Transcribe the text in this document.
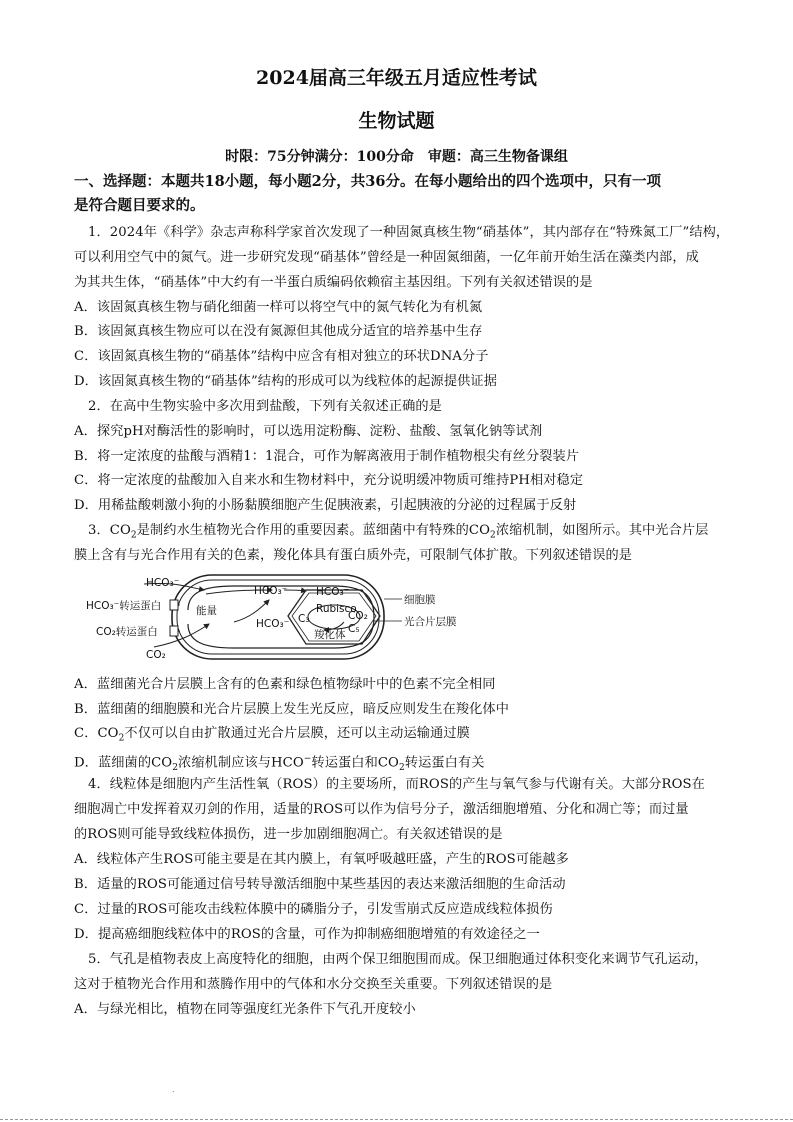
2024届高三年级五月适应性考试
生物试题
时限：75分钟满分：100分命　审题：高三生物备课组
一、选择题：本题共18小题，每小题2分，共36分。在每小题给出的四个选项中，只有一项
是符合题目要求的。
1．2024年《科学》杂志声称科学家首次发现了一种固氮真核生物“硝基体”，其内部存在“特殊氮工厂”结构，
可以利用空气中的氮气。进一步研究发现“硝基体”曾经是一种固氮细菌，一亿年前开始生活在藻类内部，成
为其共生体，“硝基体”中大约有一半蛋白质编码依赖宿主基因组。下列有关叙述错误的是
A．该固氮真核生物与硝化细菌一样可以将空气中的氮气转化为有机氮
B．该固氮真核生物应可以在没有氮源但其他成分适宜的培养基中生存
C．该固氮真核生物的“硝基体”结构中应含有相对独立的环状DNA分子
D．该固氮真核生物的“硝基体”结构的形成可以为线粒体的起源提供证据
2．在高中生物实验中多次用到盐酸，下列有关叙述正确的是
A．探究pH对酶活性的影响时，可以选用淀粉酶、淀粉、盐酸、氢氧化钠等试剂
B．将一定浓度的盐酸与酒精1：1混合，可作为解离液用于制作植物根尖有丝分裂装片
C．将一定浓度的盐酸加入自来水和生物材料中，充分说明缓冲物质可维持PH相对稳定
D．用稀盐酸刺激小狗的小肠黏膜细胞产生促胰液素，引起胰液的分泌的过程属于反射
3．$CO_2$是制约水生植物光合作用的重要因素。蓝细菌中有特殊的$CO_2$浓缩机制，如图所示。其中光合片层
膜上含有与光合作用有关的色素，羧化体具有蛋白质外壳，可限制气体扩散。下列叙述错误的是
HCO₃⁻
HCO₃⁻转运蛋白
CO₂转运蛋白
CO₂
能量
HCO₃⁻
HCO₃⁻
HCO₃⁻
Rubisco
C₃	CO₂
C₅
羧化体
细胞膜
光合片层膜
A．蓝细菌光合片层膜上含有的色素和绿色植物绿叶中的色素不完全相同
B．蓝细菌的细胞膜和光合片层膜上发生光反应，暗反应则发生在羧化体中
C．$CO_2$不仅可以自由扩散通过光合片层膜，还可以主动运输通过膜
D．蓝细菌的$CO_2$浓缩机制应该与HCO−转运蛋白和$CO_2$转运蛋白有关
4．线粒体是细胞内产生活性氧（ROS）的主要场所，而ROS的产生与氧气参与代谢有关。大部分ROS在
细胞凋亡中发挥着双刃剑的作用，适量的ROS可以作为信号分子，激活细胞增殖、分化和凋亡等；而过量
的ROS则可能导致线粒体损伤，进一步加剧细胞凋亡。有关叙述错误的是
A．线粒体产生ROS可能主要是在其内膜上，有氧呼吸越旺盛，产生的ROS可能越多
B．适量的ROS可能通过信号转导激活细胞中某些基因的表达来激活细胞的生命活动
C．过量的ROS可能攻击线粒体膜中的磷脂分子，引发雪崩式反应造成线粒体损伤
D．提高癌细胞线粒体中的ROS的含量，可作为抑制癌细胞增殖的有效途径之一
5．气孔是植物表皮上高度特化的细胞，由两个保卫细胞围而成。保卫细胞通过体积变化来调节气孔运动，
这对于植物光合作用和蒸腾作用中的气体和水分交换至关重要。下列叙述错误的是
A．与绿光相比，植物在同等强度红光条件下气孔开度较小
.
